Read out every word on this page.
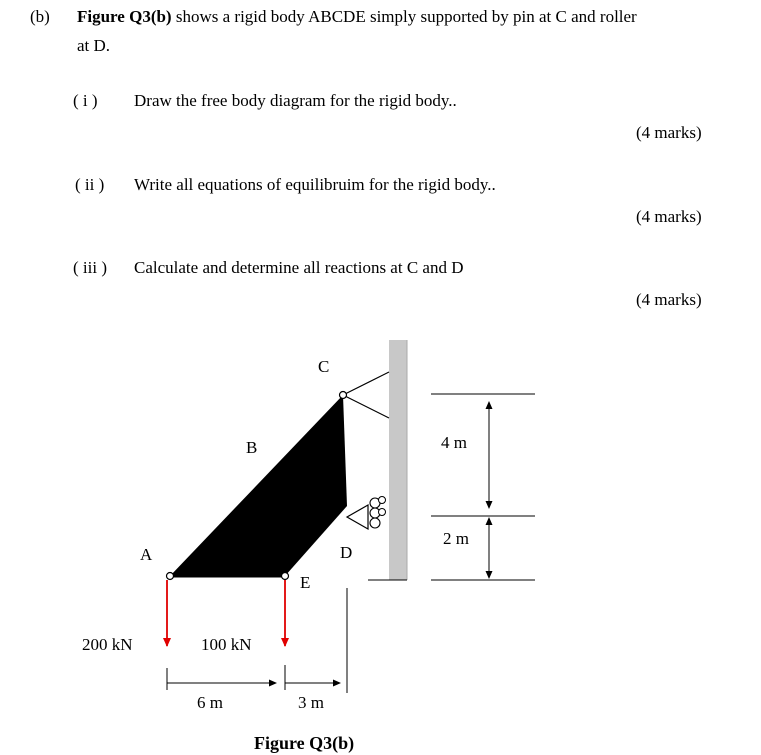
(b) Figure Q3(b) shows a rigid body ABCDE simply supported by pin at C and roller
at D.
( i ) Draw the free body diagram for the rigid body..
(4 marks)
( ii ) Write all equations of equilibruim for the rigid body..
(4 marks)
( iii ) Calculate and determine all reactions at C and D
(4 marks)
A
B
C
D
E
200 kN	100 kN
6 m	3 m
4 m
2 m
Figure Q3(b)
